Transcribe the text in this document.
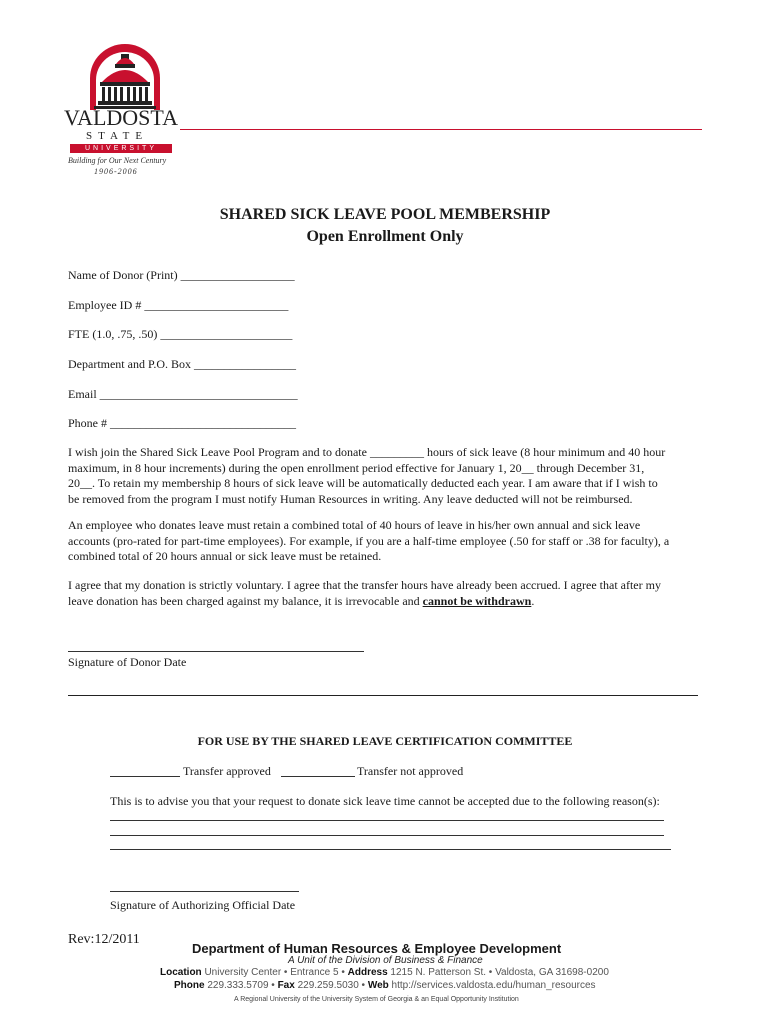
VALDOSTA
STATE
UNIVERSITY
Building for Our Next Century
1906-2006
SHARED SICK LEAVE POOL MEMBERSHIP
Open Enrollment Only
Name of Donor (Print) ___________________
Employee ID # ________________________
FTE (1.0, .75, .50) ______________________
Department and P.O. Box _________________
Email _________________________________
Phone # _______________________________
I wish join the Shared Sick Leave Pool Program and to donate _________ hours of sick leave (8 hour minimum and 40 hour
maximum, in 8 hour increments) during the open enrollment period effective for January 1, 20__ through December 31,
20__. To retain my membership 8 hours of sick leave will be automatically deducted each year. I am aware that if I wish to
be removed from the program I must notify Human Resources in writing. Any leave deducted will not be reimbursed.
An employee who donates leave must retain a combined total of 40 hours of leave in his/her own annual and sick leave
accounts (pro-rated for part-time employees). For example, if you are a half-time employee (.50 for staff or .38 for faculty), a
combined total of 20 hours annual or sick leave must be retained.
I agree that my donation is strictly voluntary. I agree that the transfer hours have already been accrued. I agree that after my
leave donation has been charged against my balance, it is irrevocable and cannot be withdrawn.
Signature of Donor Date
FOR USE BY THE SHARED LEAVE CERTIFICATION COMMITTEE
Transfer approved	Transfer not approved
This is to advise you that your request to donate sick leave time cannot be accepted due to the following reason(s):
Signature of Authorizing Official Date
Rev:12/2011
Department of Human Resources & Employee Development
A Unit of the Division of Business & Finance
Location University Center • Entrance 5 • Address 1215 N. Patterson St. • Valdosta, GA 31698-0200
Phone 229.333.5709 • Fax 229.259.5030 • Web http://services.valdosta.edu/human_resources
A Regional University of the University System of Georgia & an Equal Opportunity Institution
